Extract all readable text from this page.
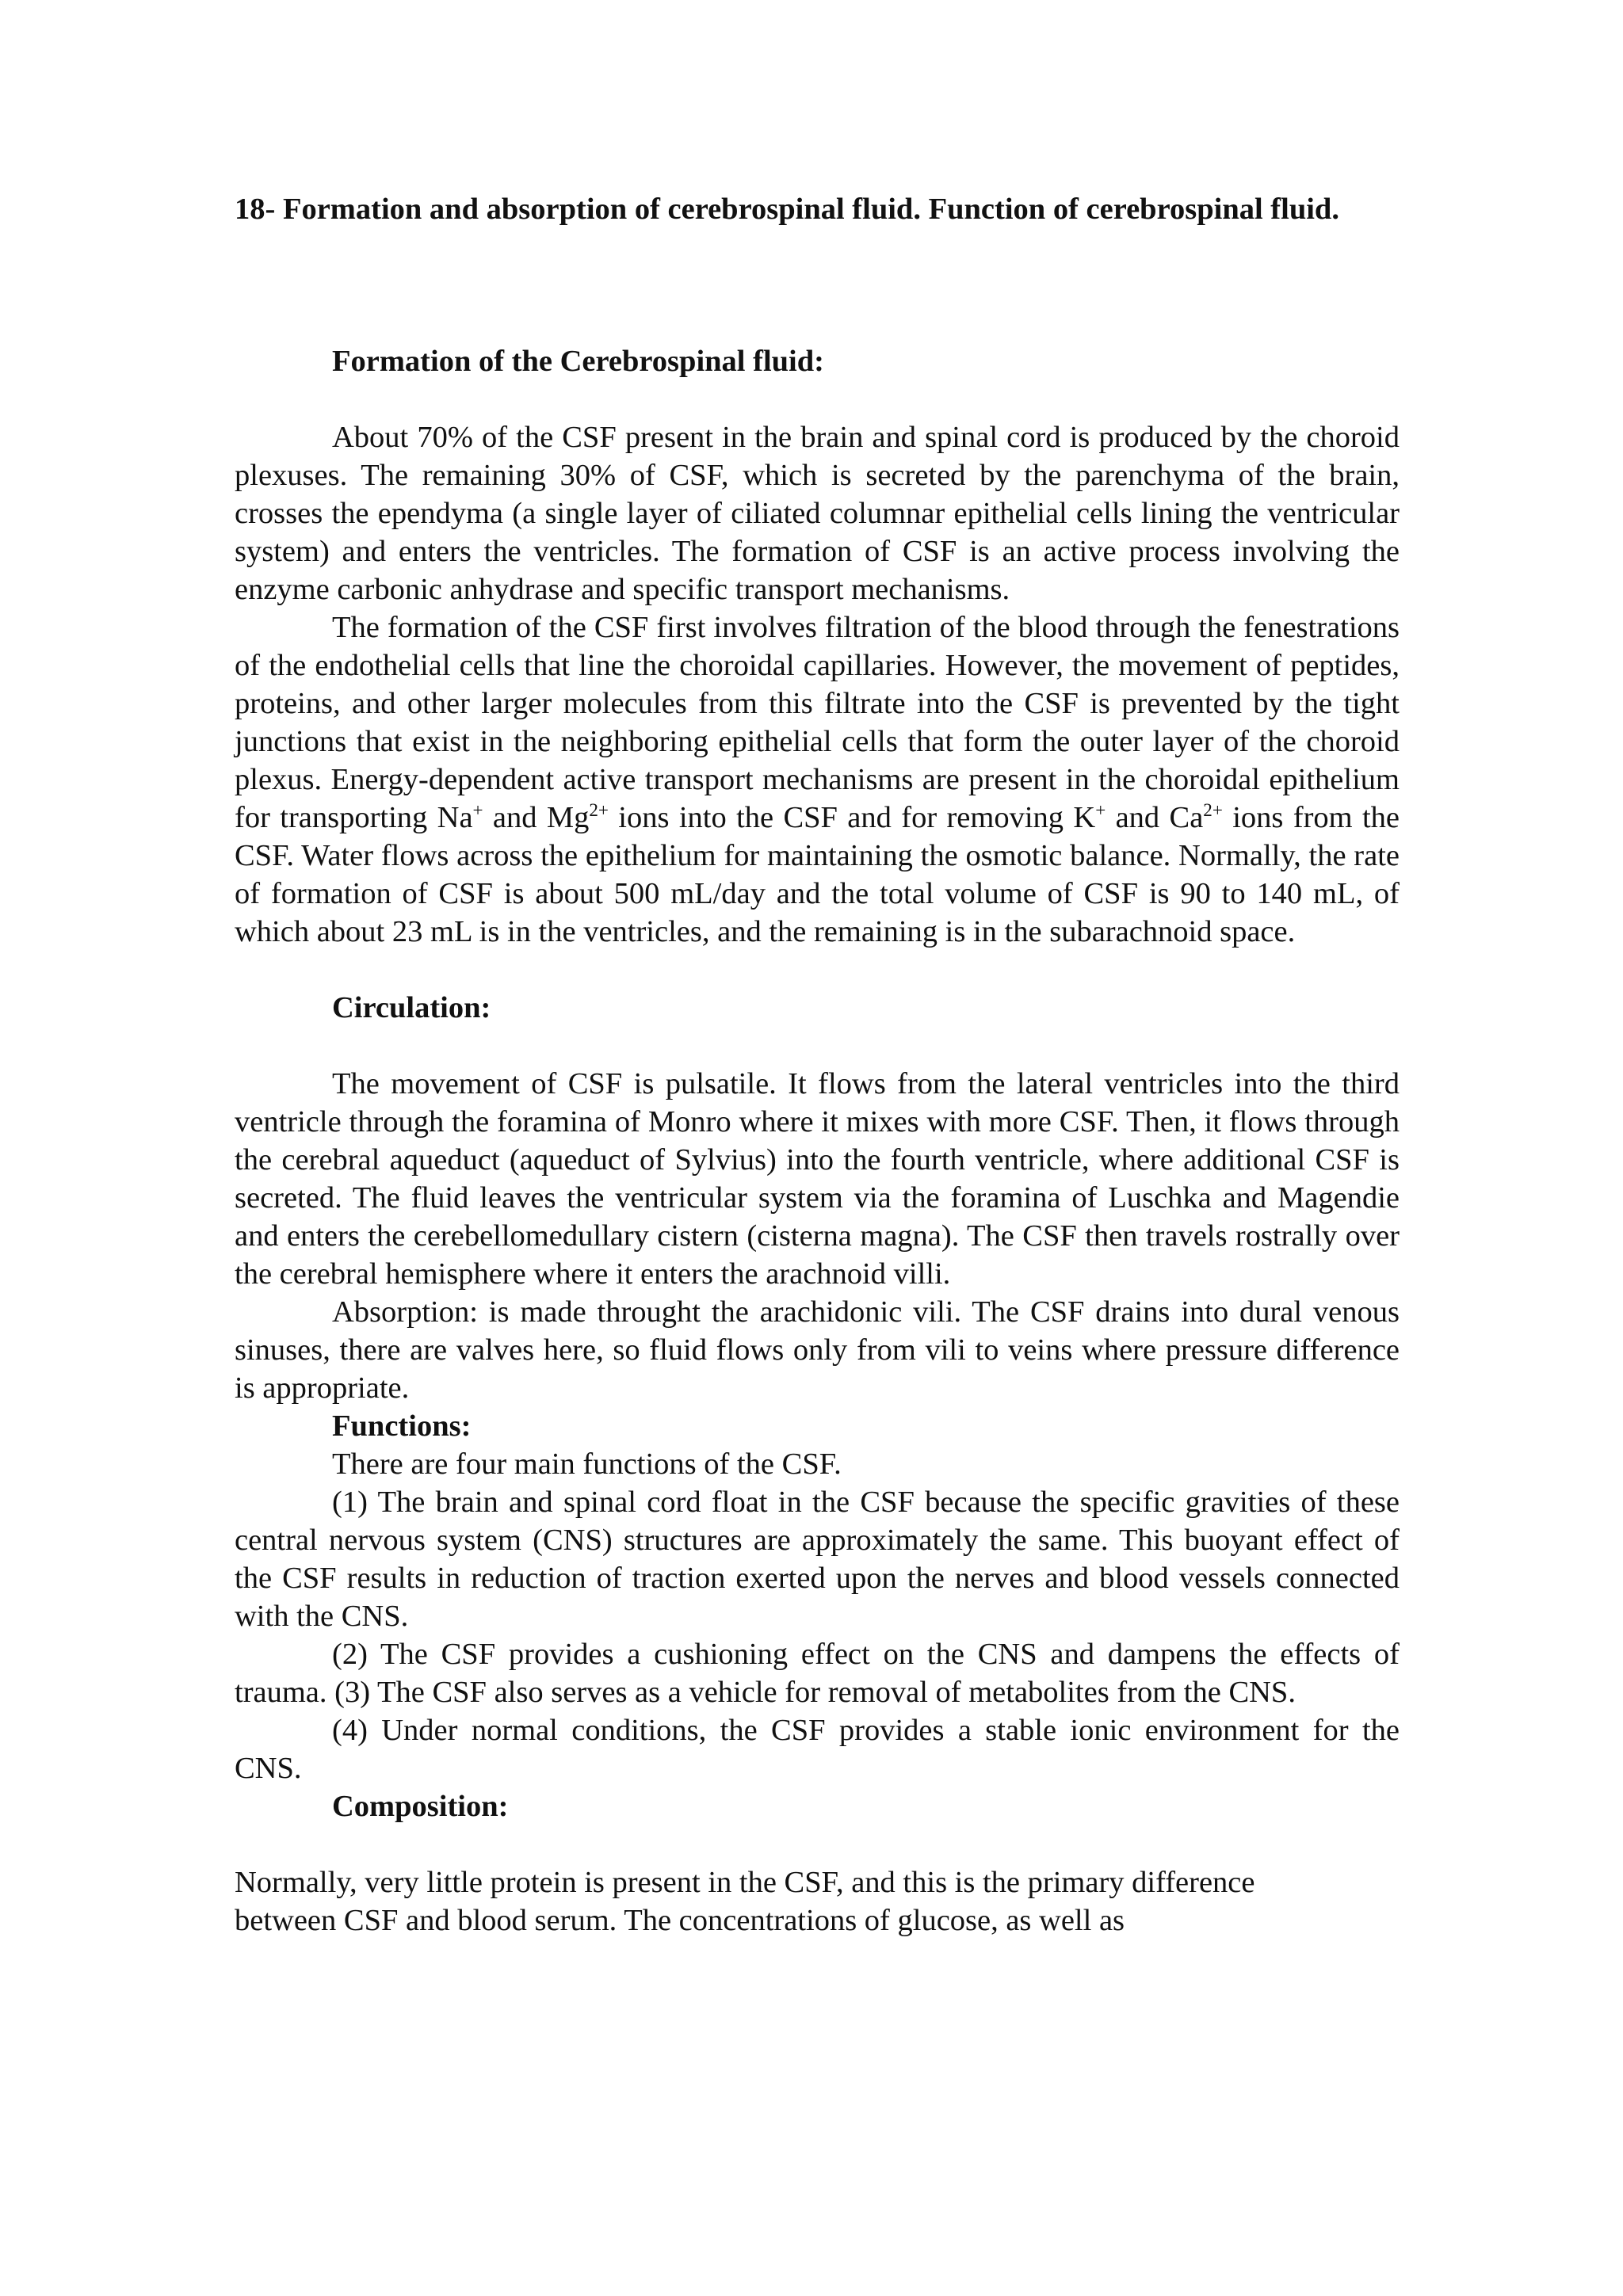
18- Formation and absorption of cerebrospinal fluid. Function of cerebrospinal fluid.

Formation of the Cerebrospinal fluid:

About 70% of the CSF present in the brain and spinal cord is produced by the choroid plexuses. The remaining 30% of CSF, which is secreted by the parenchyma of the brain, crosses the ependyma (a single layer of ciliated columnar epithelial cells lining the ventricular system) and enters the ventricles. The formation of CSF is an active process involving the enzyme carbonic anhydrase and specific transport mechanisms.

The formation of the CSF first involves filtration of the blood through the fenestrations of the endothelial cells that line the choroidal capillaries. However, the movement of peptides, proteins, and other larger molecules from this filtrate into the CSF is prevented by the tight junctions that exist in the neighboring epithelial cells that form the outer layer of the choroid plexus. Energy-dependent active transport mechanisms are present in the choroidal epithelium for transporting Na+ and $Mg^{2+}$ ions into the CSF and for removing K+ and $Ca^{2+}$ ions from the CSF. Water flows across the epithelium for maintaining the osmotic balance. Normally, the rate of formation of CSF is about 500 mL/day and the total volume of CSF is 90 to 140 mL, of which about 23 mL is in the ventricles, and the remaining is in the subarachnoid space.

Circulation:

The movement of CSF is pulsatile. It flows from the lateral ventricles into the third ventricle through the foramina of Monro where it mixes with more CSF. Then, it flows through the cerebral aqueduct (aqueduct of Sylvius) into the fourth ventricle, where additional CSF is secreted. The fluid leaves the ventricular system via the foramina of Luschka and Magendie and enters the cerebellomedullary cistern (cisterna magna). The CSF then travels rostrally over the cerebral hemisphere where it enters the arachnoid villi.

Absorption: is made throught the arachidonic vili. The CSF drains into dural venous sinuses, there are valves here, so fluid flows only from vili to veins where pressure difference is appropriate.

Functions:

There are four main functions of the CSF.

(1) The brain and spinal cord float in the CSF because the specific gravities of these central nervous system (CNS) structures are approximately the same. This buoyant effect of the CSF results in reduction of traction exerted upon the nerves and blood vessels connected with the CNS.

(2) The CSF provides a cushioning effect on the CNS and dampens the effects of trauma. (3) The CSF also serves as a vehicle for removal of metabolites from the CNS.

(4) Under normal conditions, the CSF provides a stable ionic environment for the CNS.

Composition:

Normally, very little protein is present in the CSF, and this is the primary difference

between CSF and blood serum. The concentrations of glucose, as well as
